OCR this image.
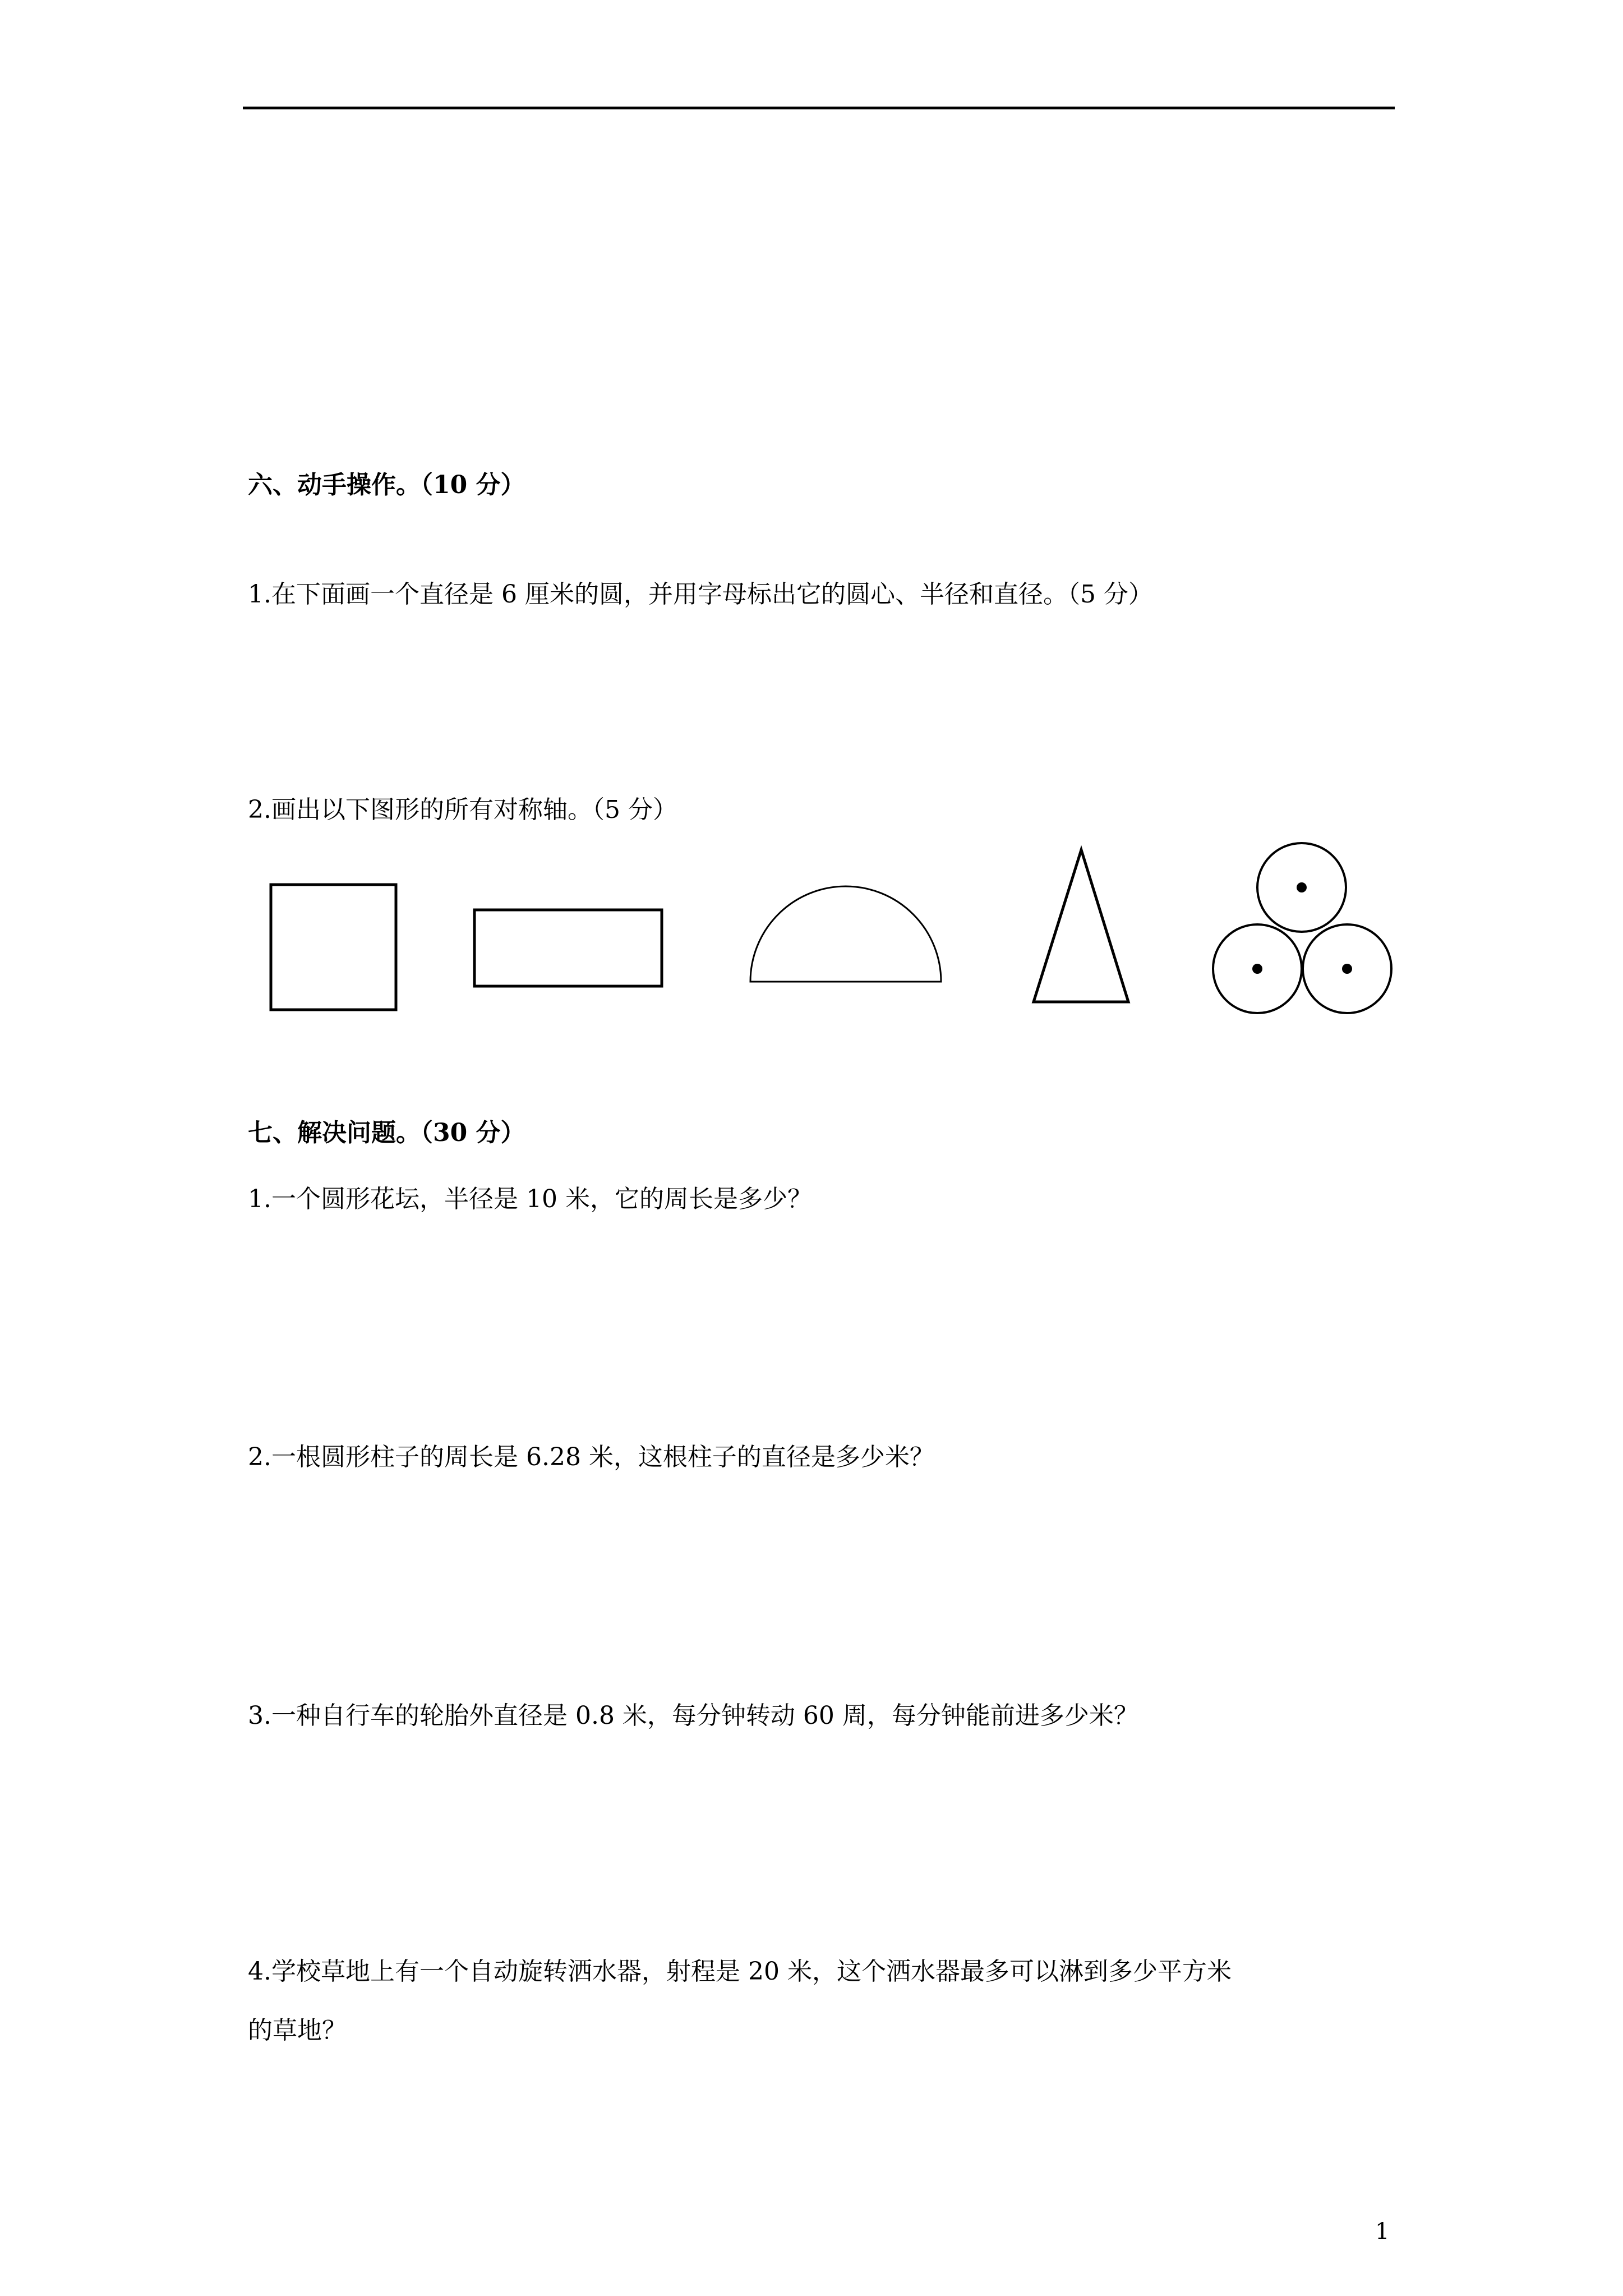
六、动手操作。（10 分）
1.在下面画一个直径是 6 厘米的圆，并用字母标出它的圆心、半径和直径。（5 分）
2.画出以下图形的所有对称轴。（5 分）
七、解决问题。（30 分）
1.一个圆形花坛，半径是 10 米，它的周长是多少？
2.一根圆形柱子的周长是 6.28 米，这根柱子的直径是多少米？
3.一种自行车的轮胎外直径是 0.8 米，每分钟转动 60 周，每分钟能前进多少米？
4.学校草地上有一个自动旋转洒水器，射程是 20 米，这个洒水器最多可以淋到多少平方米
的草地？
1
